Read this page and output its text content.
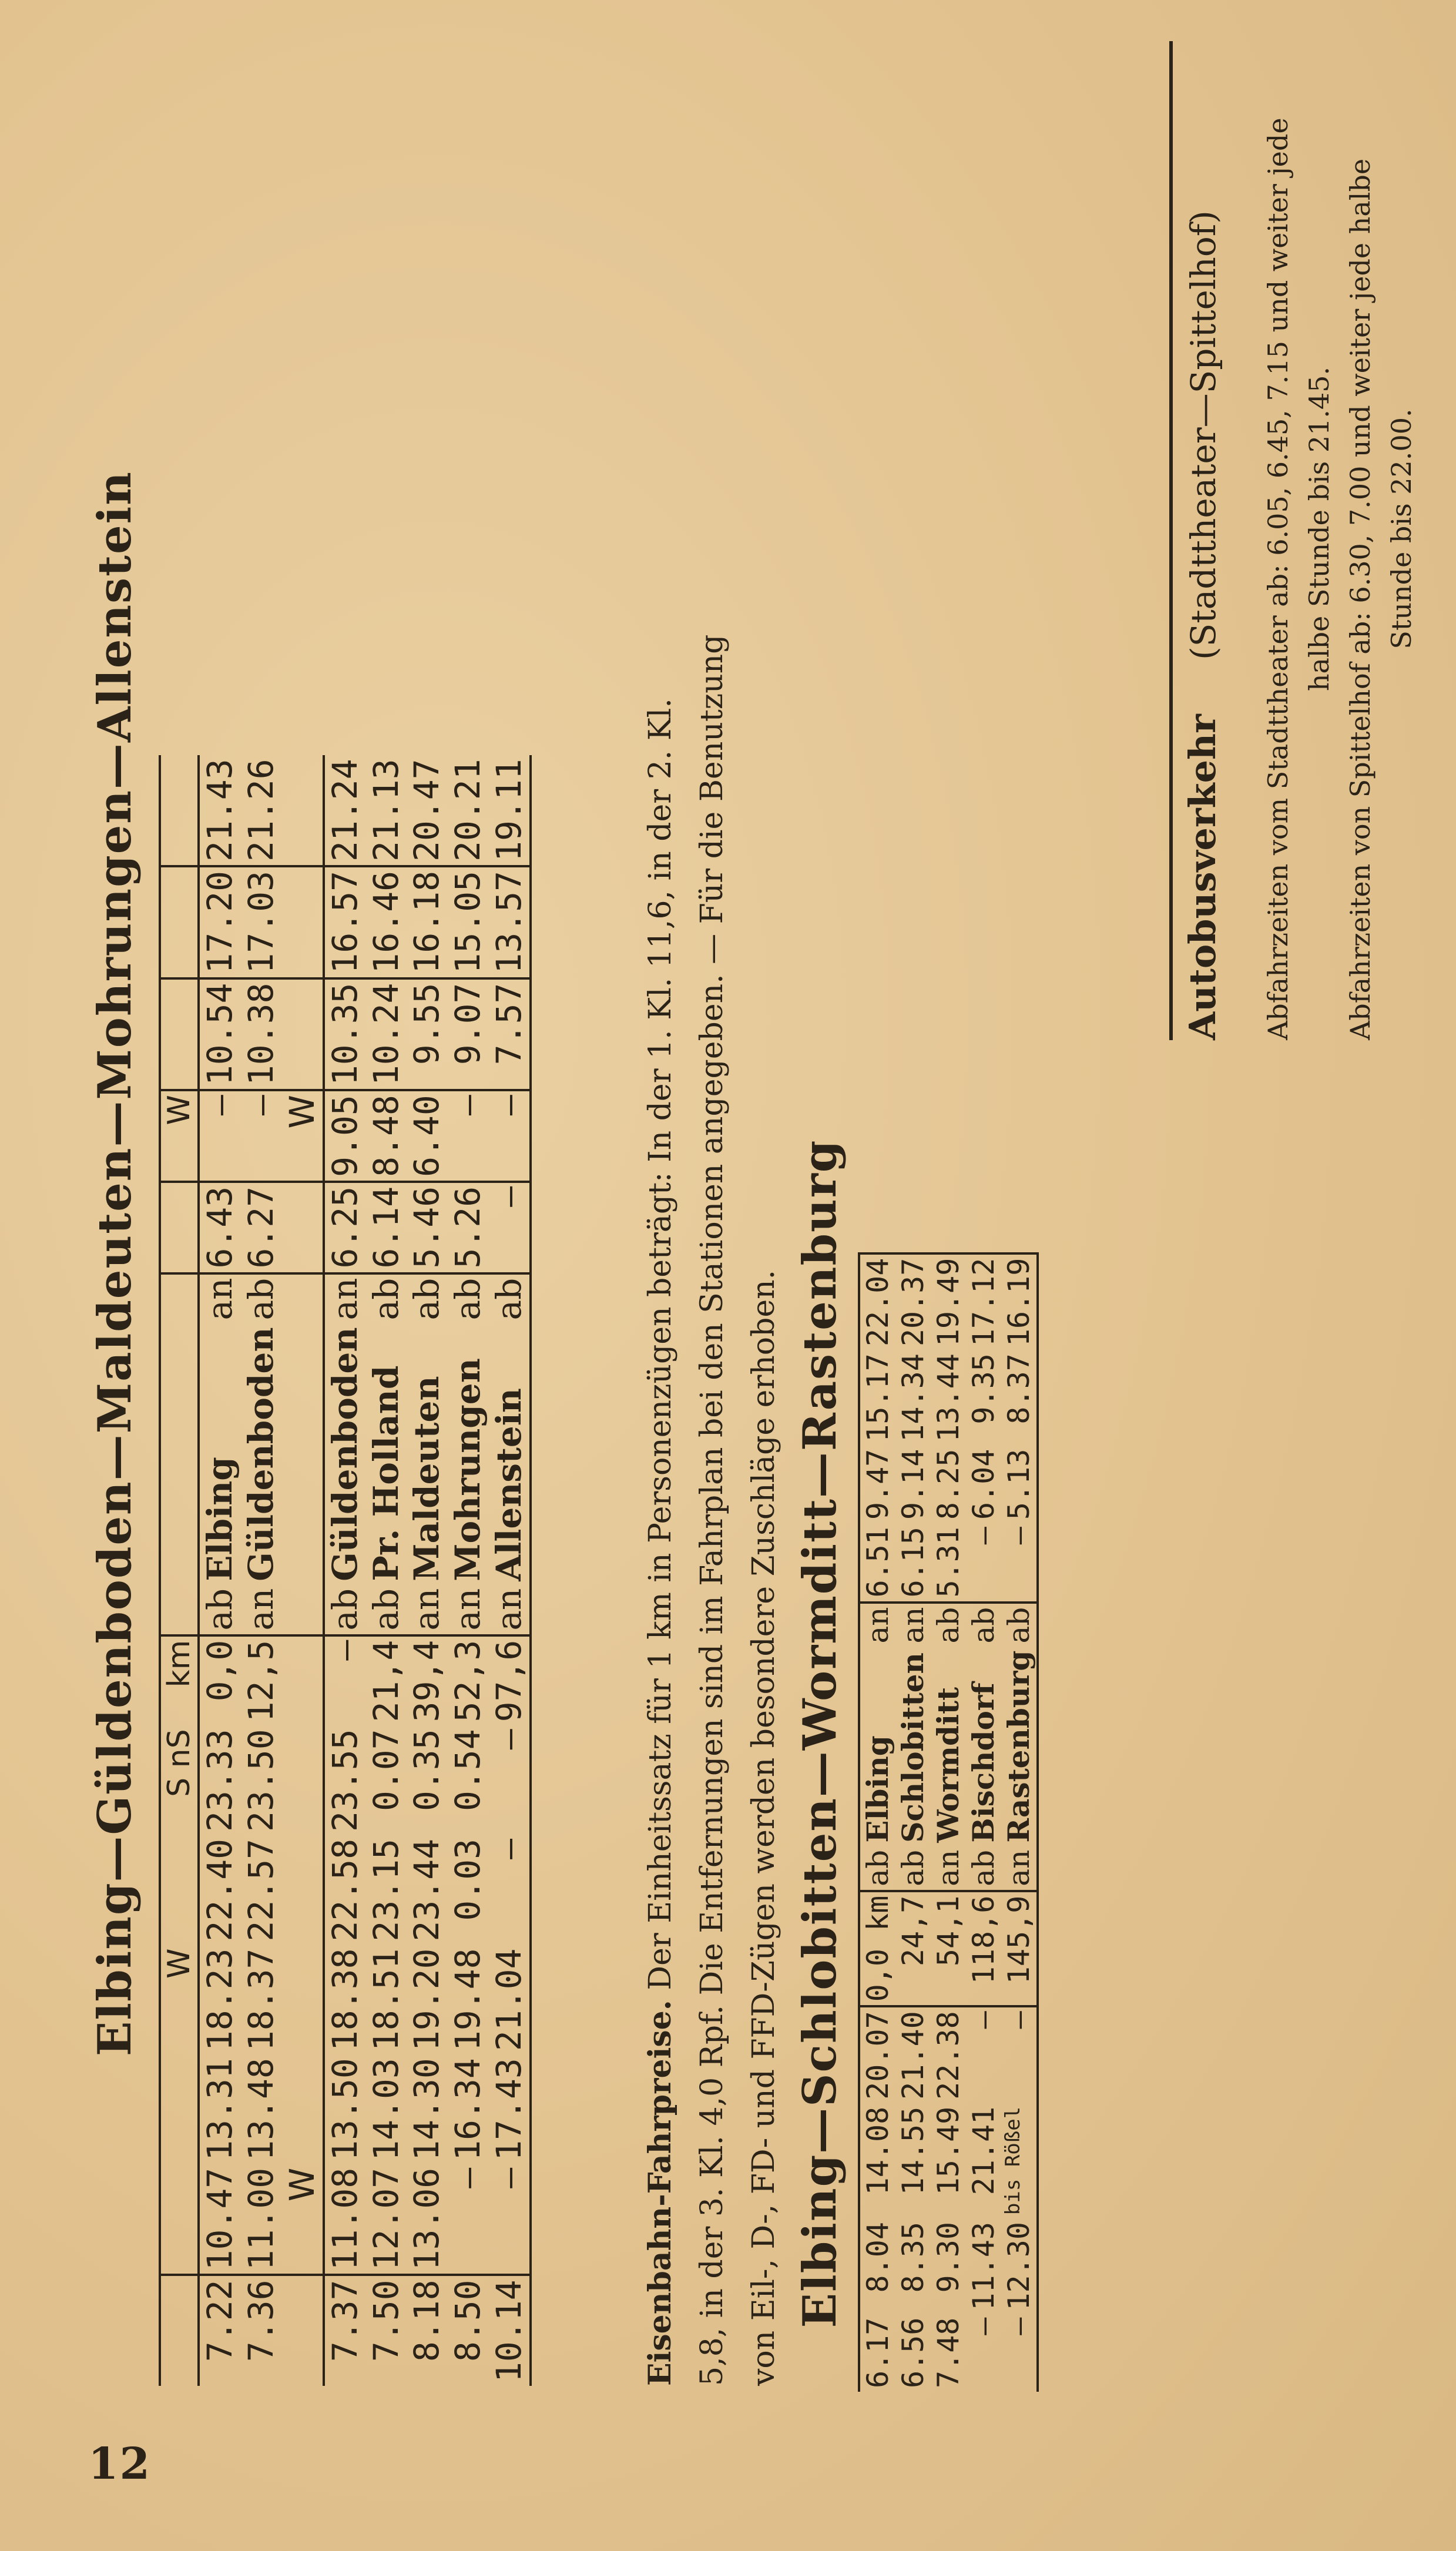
12
Elbing—Güldenboden—Maldeuten—Mohrungen—Allenstein
			W		S nS	km					W			
7.22	10.47	13.31	18.23	22.40	23.33	0,0	ab	Elbing	an	6.43	—	10.54	17.20	21.43
7.36	11.00	13.48	18.37	22.57	23.50	12,5	an	Güldenboden	ab	6.27	—	10.38	17.03	21.26
	W										W			
7.37	11.08	13.50	18.38	22.58	23.55	—	ab	Güldenboden	an	6.25	9.05	10.35	16.57	21.24
7.50	12.07	14.03	18.51	23.15	0.07	21,4	ab	Pr. Holland	ab	6.14	8.48	10.24	16.46	21.13
8.18	13.06	14.30	19.20	23.44	0.35	39,4	an	Maldeuten	ab	5.46	6.40	9.55	16.18	20.47
8.50	—	16.34	19.48	0.03	0.54	52,3	an	Mohrungen	ab	5.26	—	9.07	15.05	20.21
10.14	—	17.43	21.04	—	—	97,6	an	Allenstein	ab	—	—	7.57	13.57	19.11
Eisenbahn-Fahrpreise. Der Einheitssatz für 1 km in Personenzügen beträgt: In der 1. Kl. 11,6, in der 2. Kl. 5,8, in der 3. Kl. 4,0 Rpf. Die Entfernungen sind im Fahrplan bei den Stationen angegeben. — Für die Benutzung von Eil-, D-, FD- und FFD-Zügen werden besondere Zuschläge erhoben. Elbing—Schlobitten—Wormditt—Rastenburg
6.17	8.04	14.08	20.07	0,0 km	ab	Elbing	an	6.51	9.47	15.17	22.04
6.56	8.35	14.55	21.40	24,7	ab	Schlobitten	an	6.15	9.14	14.34	20.37
7.48	9.30	15.49	22.38	54,1	an	Wormditt	ab	5.31	8.25	13.44	19.49
—	11.43	21.41	—	118,6	ab	Bischdorf	ab	—	6.04	9.35	17.12
—	12.30	bis Rößel	—	145,9	an	Rastenburg	ab	—	5.13	8.37	16.19
Autobusverkehr     (Stadttheater—Spittelhof) Abfahrzeiten vom Stadttheater ab: 6.05, 6.45, 7.15 und weiter jede halbe Stunde bis 21.45. Abfahrzeiten von Spittelhof ab: 6.30, 7.00 und weiter jede halbe Stunde bis 22.00.
